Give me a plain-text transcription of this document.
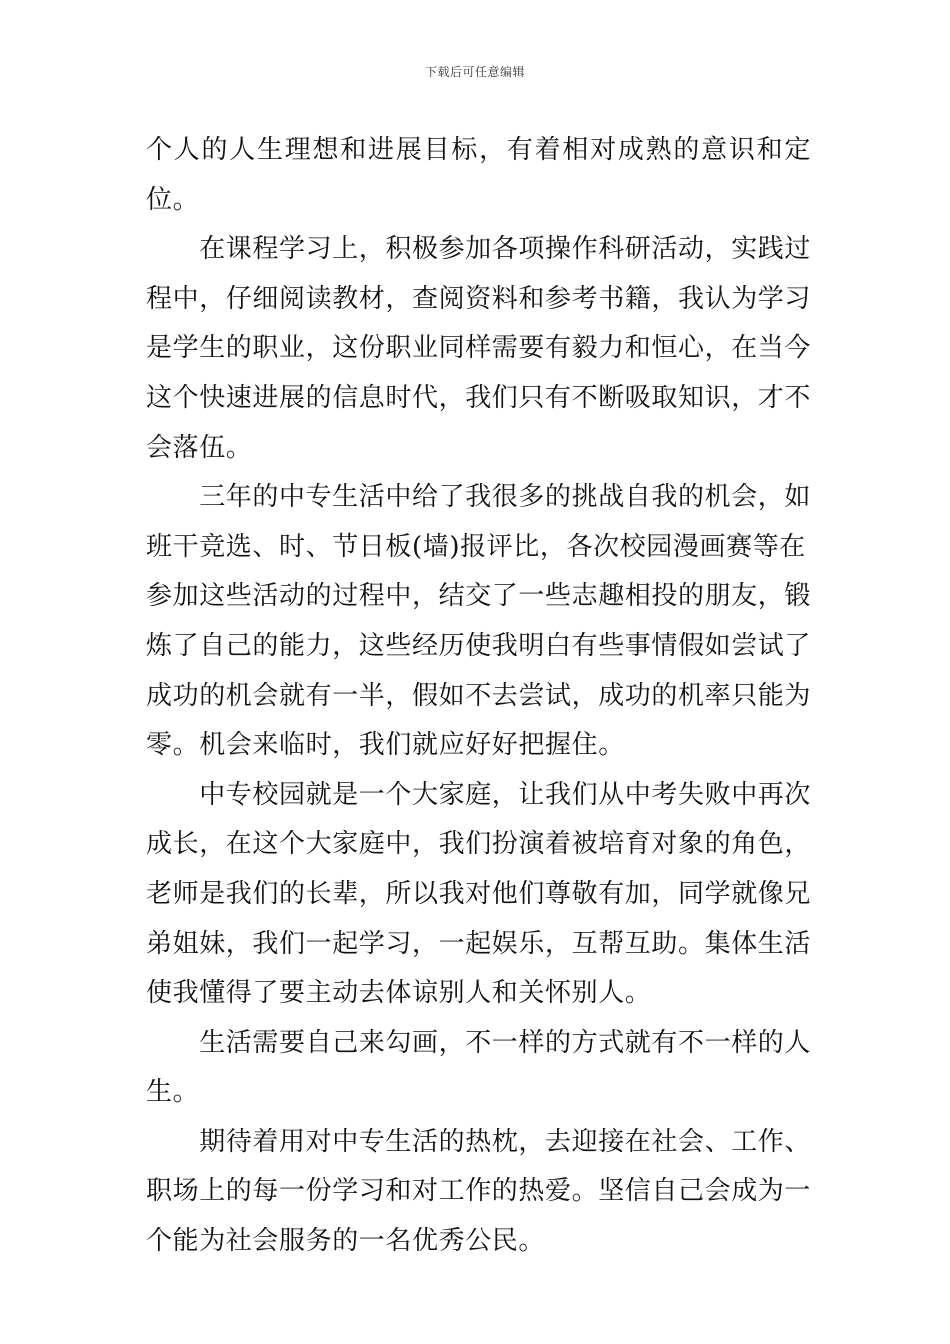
下载后可任意编辑

个人的人生理想和进展目标，有着相对成熟的意识和定位。

　　在课程学习上，积极参加各项操作科研活动，实践过
程中，仔细阅读教材，查阅资料和参考书籍，我认为学习
是学生的职业，这份职业同样需要有毅力和恒心，在当今
这个快速进展的信息时代，我们只有不断吸取知识，才不
会落伍。

　　三年的中专生活中给了我很多的挑战自我的机会，如
班干竞选、时、节日板(墙)报评比，各次校园漫画赛等在
参加这些活动的过程中，结交了一些志趣相投的朋友，锻
炼了自己的能力，这些经历使我明白有些事情假如尝试了
成功的机会就有一半，假如不去尝试，成功的机率只能为
零。机会来临时，我们就应好好把握住。

　　中专校园就是一个大家庭，让我们从中考失败中再次
成长，在这个大家庭中，我们扮演着被培育对象的角色，
老师是我们的长辈，所以我对他们尊敬有加，同学就像兄
弟姐妹，我们一起学习，一起娱乐，互帮互助。集体生活
使我懂得了要主动去体谅别人和关怀别人。

　　生活需要自己来勾画，不一样的方式就有不一样的人
生。

　　期待着用对中专生活的热枕，去迎接在社会、工作、
职场上的每一份学习和对工作的热爱。坚信自己会成为一
个能为社会服务的一名优秀公民。
